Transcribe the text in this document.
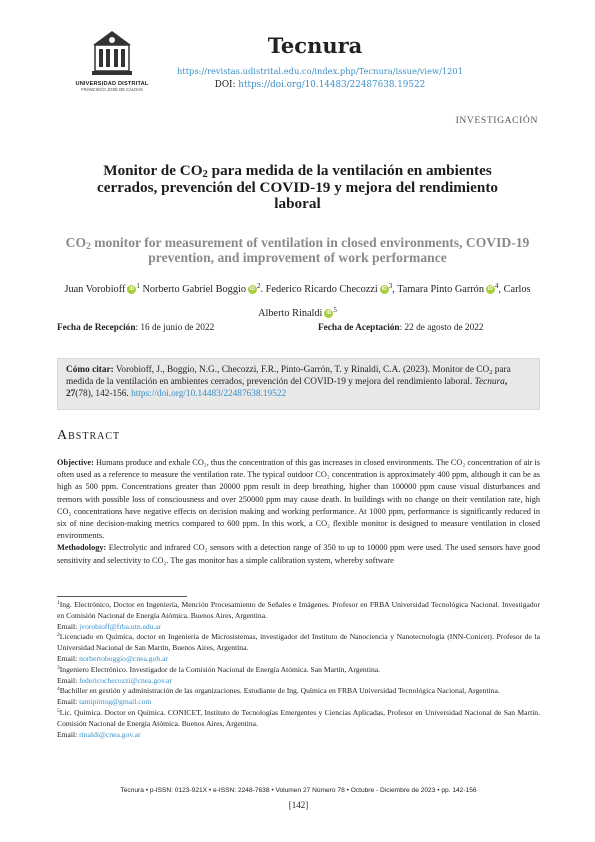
UNIVERSIDAD DISTRITAL
FRANCISCO JOSÉ DE CALDAS
Tecnura
https://revistas.udistrital.edu.co/index.php/Tecnura/issue/view/1201
DOI: https://doi.org/10.14483/22487638.19522
INVESTIGACIÓN
Monitor de $CO_2$ para medida de la ventilación en ambientes cerrados, prevención del COVID-19 y mejora del rendimiento laboral
$CO_2$ monitor for measurement of ventilation in closed environments, COVID-19 prevention, and improvement of work performance
Juan Vorobioff iD $^1$ Norberto Gabriel Boggio iD $^2$. Federico Ricardo Checozzi iD $^3$, Tamara Pinto Garrón iD $^4$, Carlos Alberto Rinaldi iD $^5$
Fecha de Recepción: 16 de junio de 2022	Fecha de Aceptación: 22 de agosto de 2022
Cómo citar: Vorobioff, J., Boggio, N.G., Checozzi, F.R., Pinto-Garrón, T. y Rinaldi, C.A. (2023). Monitor de $CO_2$ para medida de la ventilación en ambientes cerrados, prevención del COVID-19 y mejora del rendimiento laboral. Tecnura, 27(78), 142-156. https://doi.org/10.14483/22487638.19522
Abstract

Objective: Humans produce and exhale CO₂, thus the concentration of this gas increases in closed environments. The CO₂ concentration of air is often used as a reference to measure the ventilation rate. The typical outdoor CO₂ concentration is approximately 400 ppm, although it can be as high as 500 ppm. Concentrations greater than 20000 ppm result in deep breathing, higher than 100000 ppm cause visual disturbances and tremors with possible loss of consciousness and over 250000 ppm may cause death. In buildings with no change on their ventilation rate, high CO₂ concentrations have negative effects on decision making and working performance. At 1000 ppm, performance is significantly reduced in six of nine decision-making metrics compared to 600 ppm. In this work, a CO₂ flexible monitor is designed to measure ventilation in closed environments.

Methodology: Electrolytic and infrared CO₂ sensors with a detection range of 350 to up to 10000 ppm were used. The used sensors have good sensitivity and selectivity to CO₂. The gas monitor has a simple calibration system, whereby software

$^1$Ing. Electrónico, Doctor en Ingeniería, Mención Procesamiento de Señales e Imágenes. Profesor en FRBA Universidad Tecnológica Nacional. Investigador en Comisión Nacional de Energía Atómica. Buenos Aires, Argentina.
Email: jvorobioff@frba.utn.edu.ar

$^2$Licenciado en Química, doctor en Ingeniería de Microsistemas, investigador del Instituto de Nanociencia y Nanotecnología (INN-Conicet). Profesor de la Universidad Nacional de San Martín, Buenos Aires, Argentina.
Email: norbertoboggio@cnea.gob.ar

$^3$Ingeniero Electrónico. Investigador de la Comisión Nacional de Energía Atómica. San Martín, Argentina.
Email: federicochecozzi@cnea.gov.ar

$^4$Bachiller en gestión y administración de las organizaciones. Estudiante de Ing. Química en FRBA Universidad Tecnológica Nacional, Argentina.
Email: tamipintog@gmail.com

$^5$Lic. Química. Doctor en Química. CONICET, Instituto de Tecnologías Emergentes y Ciencias Aplicadas, Profesor en Universidad Nacional de San Martín. Comisión Nacional de Energía Atómica. Buenos Aires, Argentina.
Email: rinaldi@cnea.gov.ar

Tecnura • p-ISSN: 0123-921X • e-ISSN: 2248-7638 • Volumen 27 Número 78 • Octubre - Diciembre de 2023 • pp. 142-156
[142]
